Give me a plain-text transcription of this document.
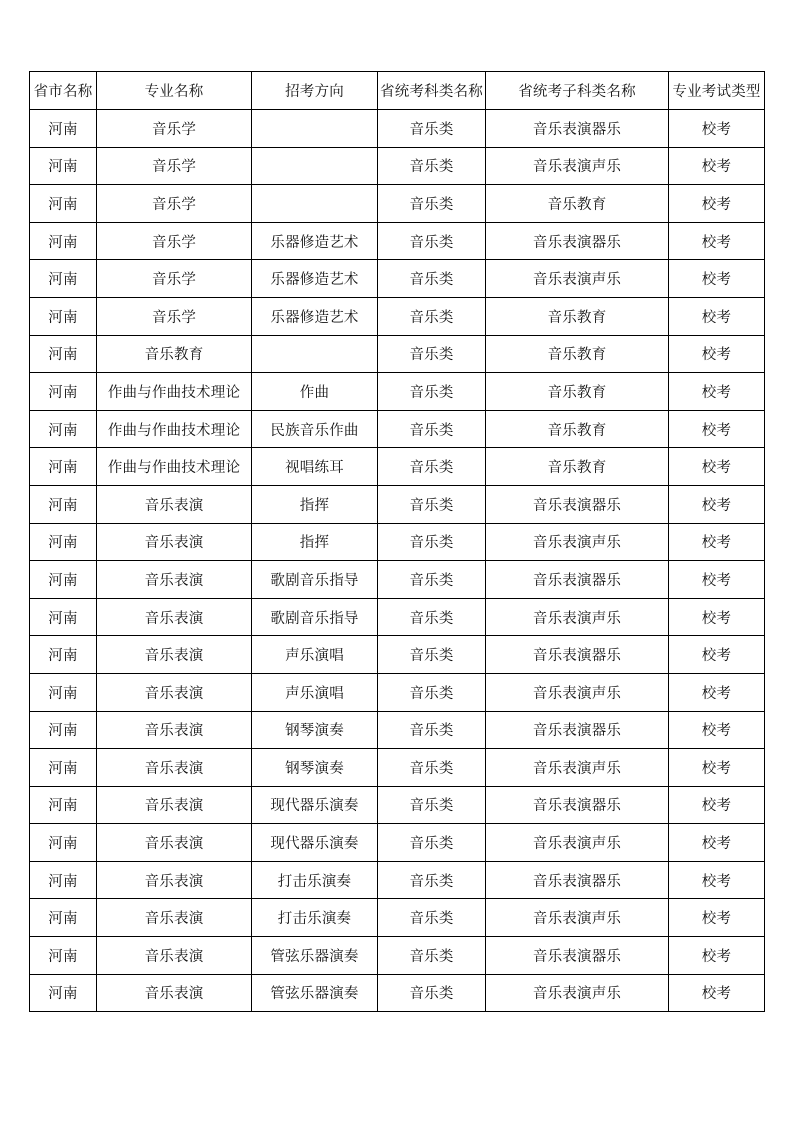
省市名称	专业名称	招考方向	省统考科类名称	省统考子科类名称	专业考试类型
河南	音乐学		音乐类	音乐表演器乐	校考
河南	音乐学		音乐类	音乐表演声乐	校考
河南	音乐学		音乐类	音乐教育	校考
河南	音乐学	乐器修造艺术	音乐类	音乐表演器乐	校考
河南	音乐学	乐器修造艺术	音乐类	音乐表演声乐	校考
河南	音乐学	乐器修造艺术	音乐类	音乐教育	校考
河南	音乐教育		音乐类	音乐教育	校考
河南	作曲与作曲技术理论	作曲	音乐类	音乐教育	校考
河南	作曲与作曲技术理论	民族音乐作曲	音乐类	音乐教育	校考
河南	作曲与作曲技术理论	视唱练耳	音乐类	音乐教育	校考
河南	音乐表演	指挥	音乐类	音乐表演器乐	校考
河南	音乐表演	指挥	音乐类	音乐表演声乐	校考
河南	音乐表演	歌剧音乐指导	音乐类	音乐表演器乐	校考
河南	音乐表演	歌剧音乐指导	音乐类	音乐表演声乐	校考
河南	音乐表演	声乐演唱	音乐类	音乐表演器乐	校考
河南	音乐表演	声乐演唱	音乐类	音乐表演声乐	校考
河南	音乐表演	钢琴演奏	音乐类	音乐表演器乐	校考
河南	音乐表演	钢琴演奏	音乐类	音乐表演声乐	校考
河南	音乐表演	现代器乐演奏	音乐类	音乐表演器乐	校考
河南	音乐表演	现代器乐演奏	音乐类	音乐表演声乐	校考
河南	音乐表演	打击乐演奏	音乐类	音乐表演器乐	校考
河南	音乐表演	打击乐演奏	音乐类	音乐表演声乐	校考
河南	音乐表演	管弦乐器演奏	音乐类	音乐表演器乐	校考
河南	音乐表演	管弦乐器演奏	音乐类	音乐表演声乐	校考
